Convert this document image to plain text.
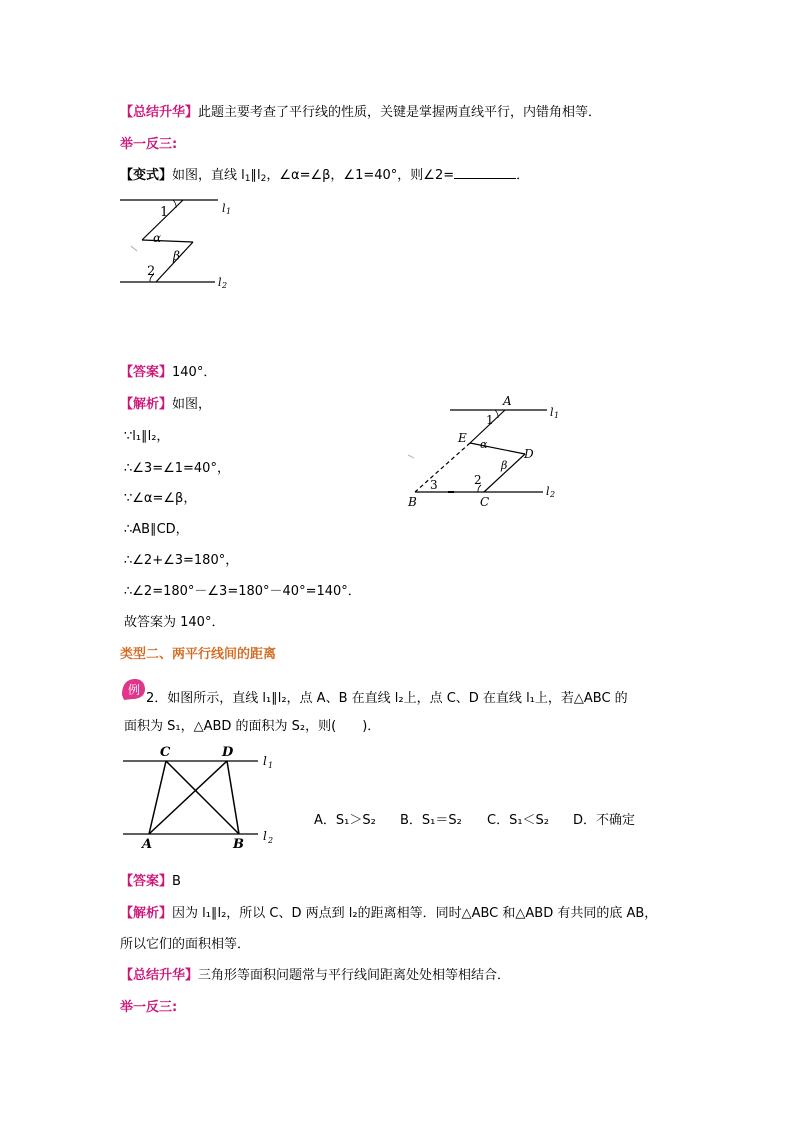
【总结升华】此题主要考查了平行线的性质，关键是掌握两直线平行，内错角相等．
举一反三:
【变式】如图，直线 $l_1\parallel l_2$，∠α=∠β，∠1=40°，则∠2=	．
1
α
β
2
l 1
l 2
【答案】140°．
【解析】如图，
∵l₁∥l₂，
∴∠3=∠1=40°，
∵∠α=∠β，
∴AB∥CD，
∴∠2+∠3=180°，
∴∠2=180°－∠3=180°－40°=140°．
故答案为 140°．
A
B	C
D
E
1
2
3
α
β
l 1
l 2
类型二、两平行线间的距离
例
2．如图所示，直线 l₁∥l₂，点 A、B 在直线 l₂上，点 C、D 在直线 l₁上，若△ABC 的
面积为 S₁，△ABD 的面积为 S₂，则(　　)．
C	D
A	B
l 1
l 2
A．S₁＞S₂ B．S₁＝S₂ C．S₁＜S₂ D．不确定
【答案】B
【解析】因为 l₁∥l₂，所以 C、D 两点到 l₂的距离相等．同时△ABC 和△ABD 有共同的底 AB，
所以它们的面积相等．
【总结升华】三角形等面积问题常与平行线间距离处处相等相结合．
举一反三:
